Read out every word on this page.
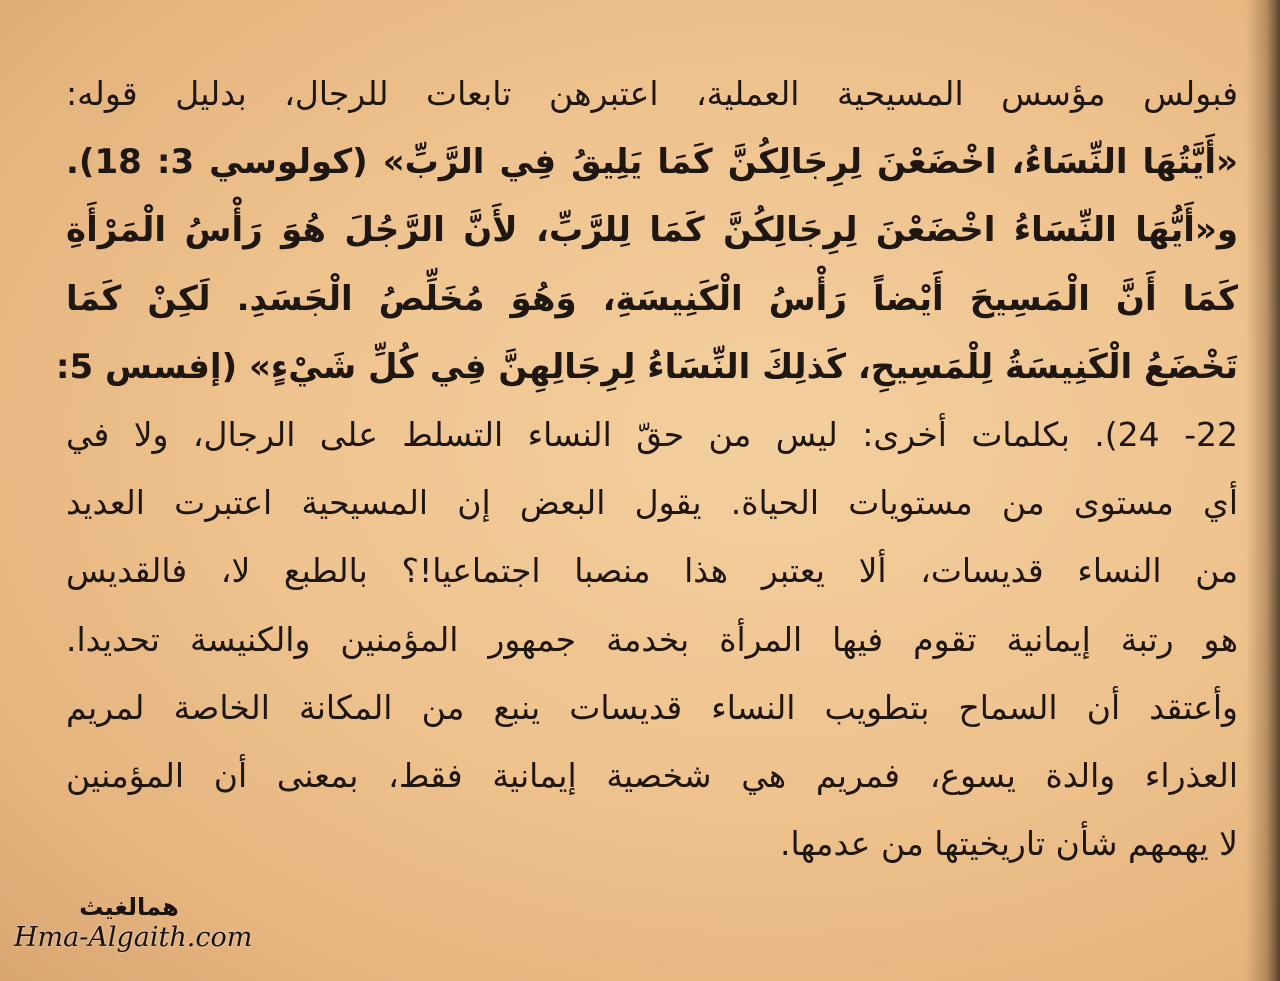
فبولس مؤسس المسيحية العملية، اعتبرهن تابعات للرجال، بدليل قوله:
«أَيَّتُهَا النِّسَاءُ، اخْضَعْنَ لِرِجَالِكُنَّ كَمَا يَلِيقُ فِي الرَّبِّ» (كولوسي 3: 18).
و«أَيُّهَا النِّسَاءُ اخْضَعْنَ لِرِجَالِكُنَّ كَمَا لِلرَّبِّ، لأَنَّ الرَّجُلَ هُوَ رَأْسُ الْمَرْأَةِ
كَمَا أَنَّ الْمَسِيحَ أَيْضاً رَأْسُ الْكَنِيسَةِ، وَهُوَ مُخَلِّصُ الْجَسَدِ. لَكِنْ كَمَا
تَخْضَعُ الْكَنِيسَةُ لِلْمَسِيحِ، كَذلِكَ النِّسَاءُ لِرِجَالِهِنَّ فِي كُلِّ شَيْءٍ» (إفسس 5:
22- 24). بكلمات أخرى: ليس من حقّ النساء التسلط على الرجال، ولا في
أي مستوى من مستويات الحياة. يقول البعض إن المسيحية اعتبرت العديد
من النساء قديسات، ألا يعتبر هذا منصبا اجتماعيا!؟ بالطبع لا، فالقديس
هو رتبة إيمانية تقوم فيها المرأة بخدمة جمهور المؤمنين والكنيسة تحديدا.
وأعتقد أن السماح بتطويب النساء قديسات ينبع من المكانة الخاصة لمريم
العذراء والدة يسوع، فمريم هي شخصية إيمانية فقط، بمعنى أن المؤمنين
لا يهمهم شأن تاريخيتها من عدمها.
همالغيث
Hma-Algaith.com
